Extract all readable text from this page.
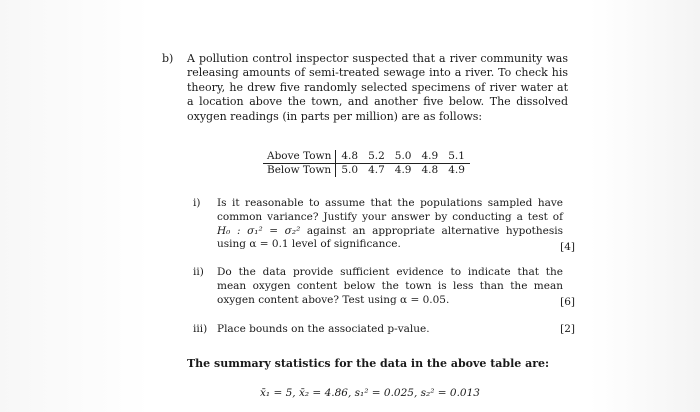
b) A pollution control inspector suspected that a river community was releasing amounts of semi-treated sewage into a river. To check his theory, he drew five randomly selected specimens of river water at a location above the town, and another five below. The dissolved oxygen readings (in parts per million) are as follows:
Above Town	4.8	5.2	5.0	4.9	5.1
Below Town	5.0	4.7	4.9	4.8	4.9
i) Is it reasonable to assume that the populations sampled have common variance? Justify your answer by conducting a test of H₀ : σ₁² = σ₂² against an appropriate alternative hypothesis using α = 0.1 level of significance.	[4]
ii) Do the data provide sufficient evidence to indicate that the mean oxygen content below the town is less than the mean oxygen content above? Test using α = 0.05.	[6]
iii) Place bounds on the associated p-value.	[2]
The summary statistics for the data in the above table are:
x̄₁ = 5, x̄₂ = 4.86, s₁² = 0.025, s₂² = 0.013
